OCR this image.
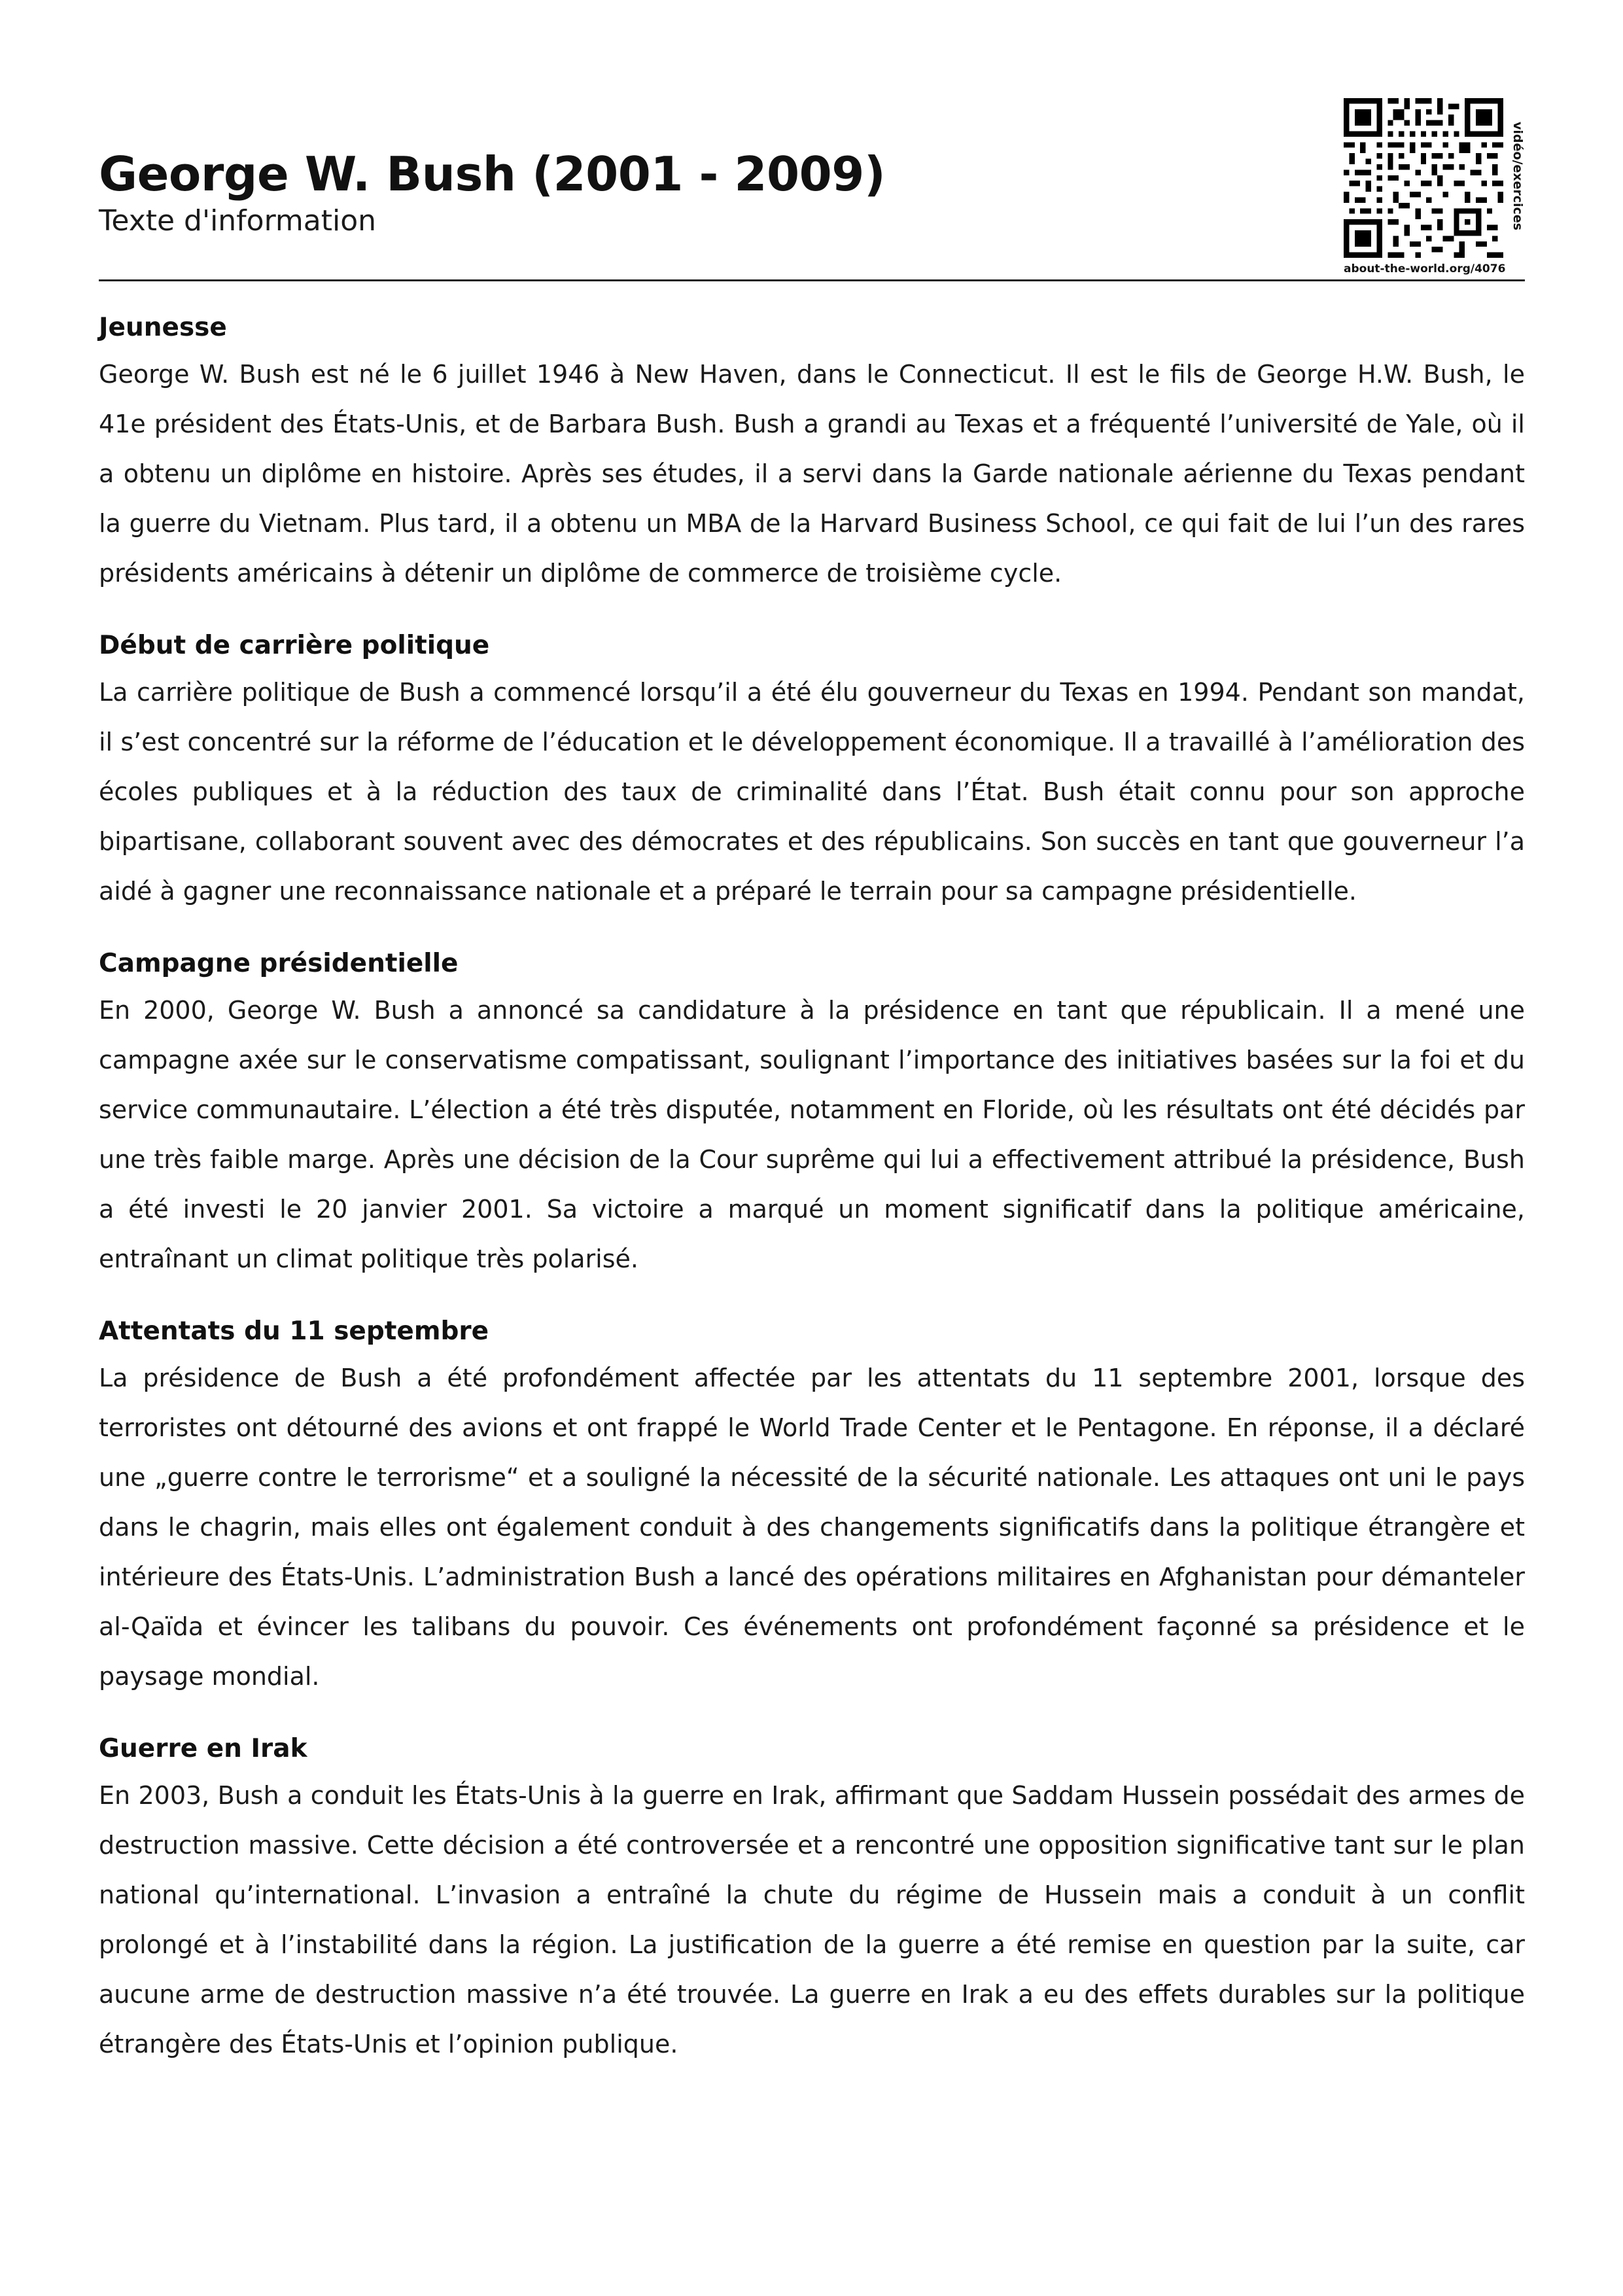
George W. Bush (2001 - 2009)
Texte d'information	vidéo/exercices
about-the-world.org/4076
Jeunesse

George W. Bush est né le 6 juillet 1946 à New Haven, dans le Connecticut. Il est le fils de George H.W. Bush, le 41e président des États-Unis, et de Barbara Bush. Bush a grandi au Texas et a fréquenté l’université de Yale, où il a obtenu un diplôme en histoire. Après ses études, il a servi dans la Garde nationale aérienne du Texas pendant la guerre du Vietnam. Plus tard, il a obtenu un MBA de la Harvard Business School, ce qui fait de lui l’un des rares présidents américains à détenir un diplôme de commerce de troisième cycle.

Début de carrière politique

La carrière politique de Bush a commencé lorsqu’il a été élu gouverneur du Texas en 1994. Pendant son mandat, il s’est concentré sur la réforme de l’éducation et le développement économique. Il a travaillé à l’amélioration des écoles publiques et à la réduction des taux de criminalité dans l’État. Bush était connu pour son approche bipartisane, collaborant souvent avec des démocrates et des républicains. Son succès en tant que gouverneur l’a aidé à gagner une reconnaissance nationale et a préparé le terrain pour sa campagne présidentielle.

Campagne présidentielle

En 2000, George W. Bush a annoncé sa candidature à la présidence en tant que républicain. Il a mené une campagne axée sur le conservatisme compatissant, soulignant l’importance des initiatives basées sur la foi et du service communautaire. L’élection a été très disputée, notamment en Floride, où les résultats ont été décidés par une très faible marge. Après une décision de la Cour suprême qui lui a effectivement attribué la présidence, Bush a été investi le 20 janvier 2001. Sa victoire a marqué un moment significatif dans la politique américaine, entraînant un climat politique très polarisé.

Attentats du 11 septembre

La présidence de Bush a été profondément affectée par les attentats du 11 septembre 2001, lorsque des terroristes ont détourné des avions et ont frappé le World Trade Center et le Pentagone. En réponse, il a déclaré une „guerre contre le terrorisme“ et a souligné la nécessité de la sécurité nationale. Les attaques ont uni le pays dans le chagrin, mais elles ont également conduit à des changements significatifs dans la politique étrangère et intérieure des États-Unis. L’administration Bush a lancé des opérations militaires en Afghanistan pour démanteler al-Qaïda et évincer les talibans du pouvoir. Ces événements ont profondément façonné sa présidence et le paysage mondial.

Guerre en Irak

En 2003, Bush a conduit les États-Unis à la guerre en Irak, affirmant que Saddam Hussein possédait des armes de destruction massive. Cette décision a été controversée et a rencontré une opposition significative tant sur le plan national qu’international. L’invasion a entraîné la chute du régime de Hussein mais a conduit à un conflit prolongé et à l’instabilité dans la région. La justification de la guerre a été remise en question par la suite, car aucune arme de destruction massive n’a été trouvée. La guerre en Irak a eu des effets durables sur la politique étrangère des États-Unis et l’opinion publique.
